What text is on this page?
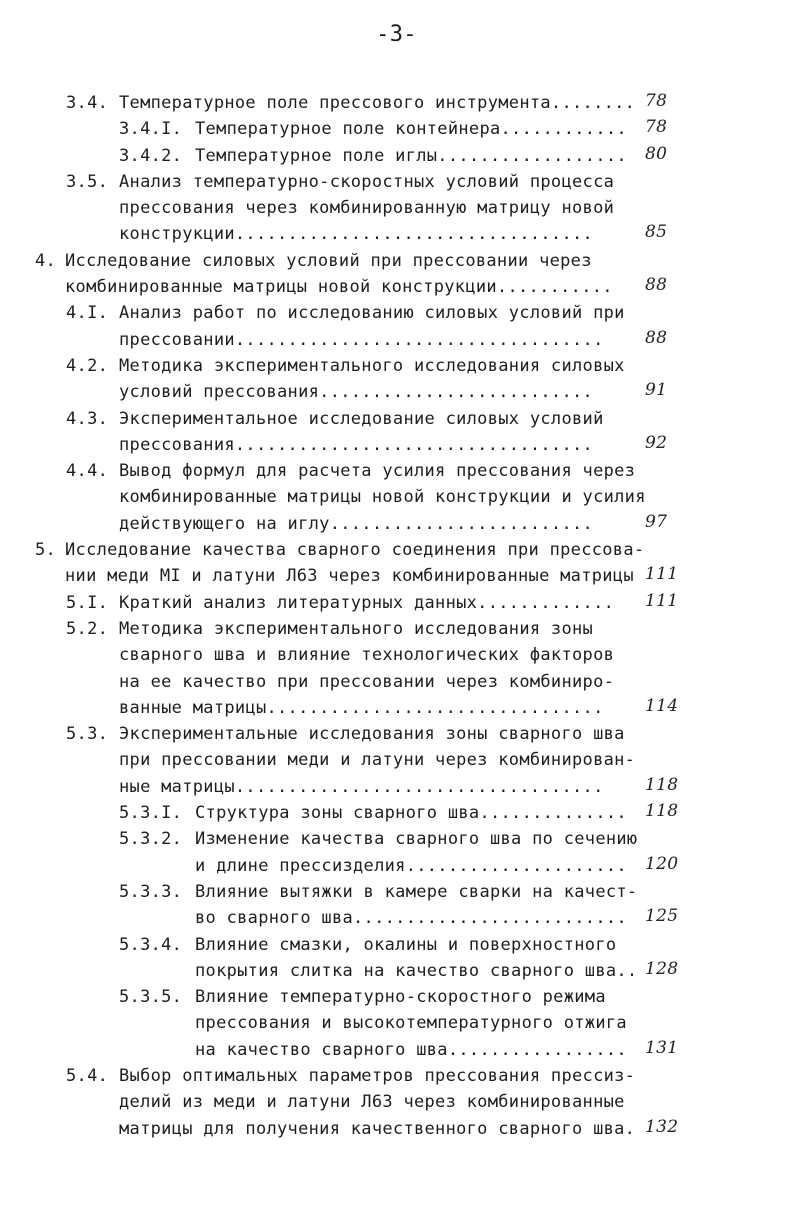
-3-
3.4. Температурное поле прессового инструмента........ 78
3.4.I. Температурное поле контейнера............ 78
3.4.2. Температурное поле иглы.................. 80
3.5. Анализ температурно-скоростных условий процесса
прессования через комбинированную матрицу новой
конструкции..................................	85
4. Исследование силовых условий при прессовании через
комбинированные матрицы новой конструкции........... 88
4.I. Анализ работ по исследованию силовых условий при
прессовании................................... 88
4.2. Методика экспериментального исследования силовых
условий прессования..........................	91
4.3. Экспериментальное исследование силовых условий
прессования..................................	92
4.4. Вывод формул для расчета усилия прессования через
комбинированные матрицы новой конструкции и усилия
действующего на иглу.........................	97
5. Исследование качества сварного соединения при прессова-
нии меди МI и латуни Л63 через комбинированные матрицы 111
5.I. Краткий анализ литературных данных............. 111
5.2. Методика экспериментального исследования зоны
сварного шва и влияние технологических факторов
на ее качество при прессовании через комбиниро-
ванные матрицы................................ 114
5.3. Экспериментальные исследования зоны сварного шва
при прессовании меди и латуни через комбинирован-
ные матрицы................................... 118
5.3.I. Структура зоны сварного шва.............. 118
5.3.2. Изменение качества сварного шва по сечению
и длине прессизделия..................... 120
5.3.3. Влияние вытяжки в камере сварки на качест-
во сварного шва.......................... 125
5.3.4. Влияние смазки, окалины и поверхностного
покрытия слитка на качество сварного шва.. 128
5.3.5. Влияние температурно-скоростного режима
прессования и высокотемпературного отжига
на качество сварного шва................. 131
5.4. Выбор оптимальных параметров прессования прессиз-
делий из меди и латуни Л63 через комбинированные
матрицы для получения качественного сварного шва. 132
